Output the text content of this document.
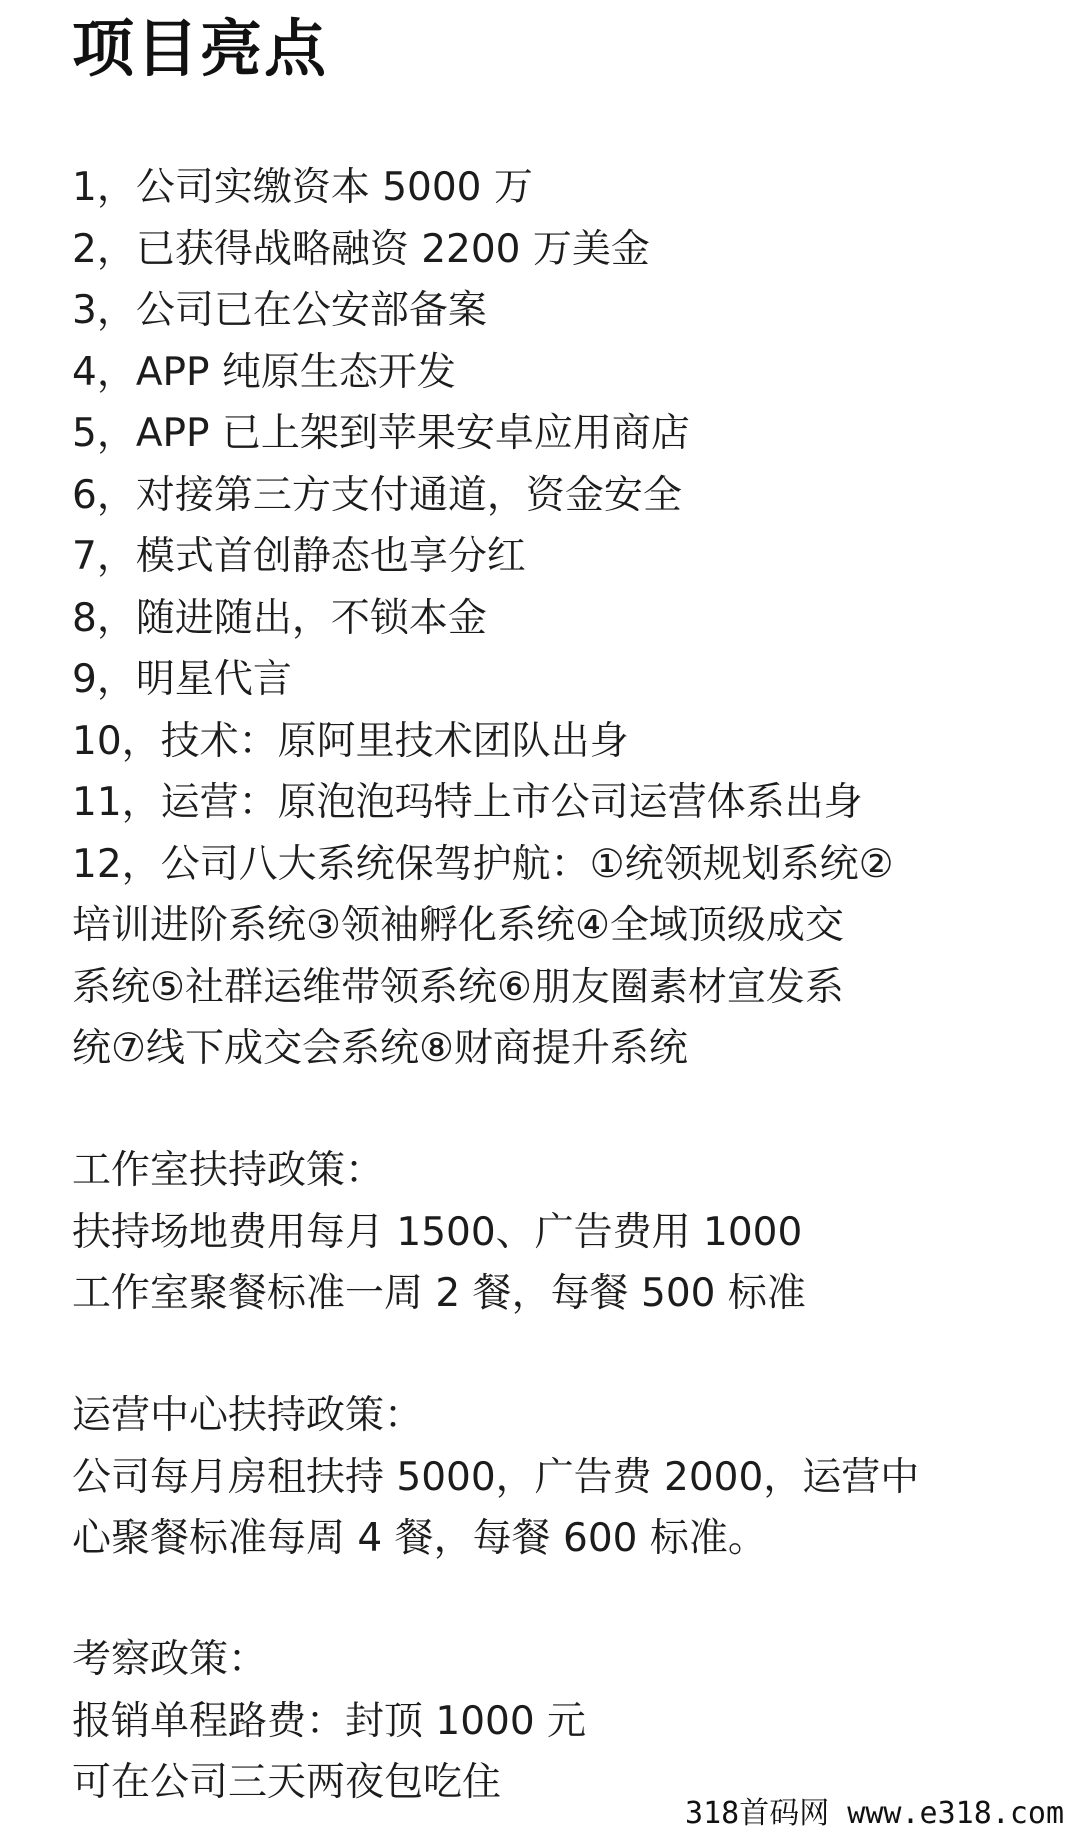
项目亮点
1，公司实缴资本 5000 万
2，已获得战略融资 2200 万美金
3，公司已在公安部备案
4，APP 纯原生态开发
5，APP 已上架到苹果安卓应用商店
6，对接第三方支付通道，资金安全
7，模式首创静态也享分红
8，随进随出，不锁本金
9，明星代言
10，技术：原阿里技术团队出身
11，运营：原泡泡玛特上市公司运营体系出身
12，公司八大系统保驾护航：①统领规划系统②
培训进阶系统③领袖孵化系统④全域顶级成交
系统⑤社群运维带领系统⑥朋友圈素材宣发系
统⑦线下成交会系统⑧财商提升系统
工作室扶持政策：
扶持场地费用每月 1500、广告费用 1000
工作室聚餐标准一周 2 餐，每餐 500 标准
运营中心扶持政策：
公司每月房租扶持 5000，广告费 2000，运营中
心聚餐标准每周 4 餐，每餐 600 标准。
考察政策：
报销单程路费：封顶 1000 元
可在公司三天两夜包吃住
318首码网 www.e318.com
